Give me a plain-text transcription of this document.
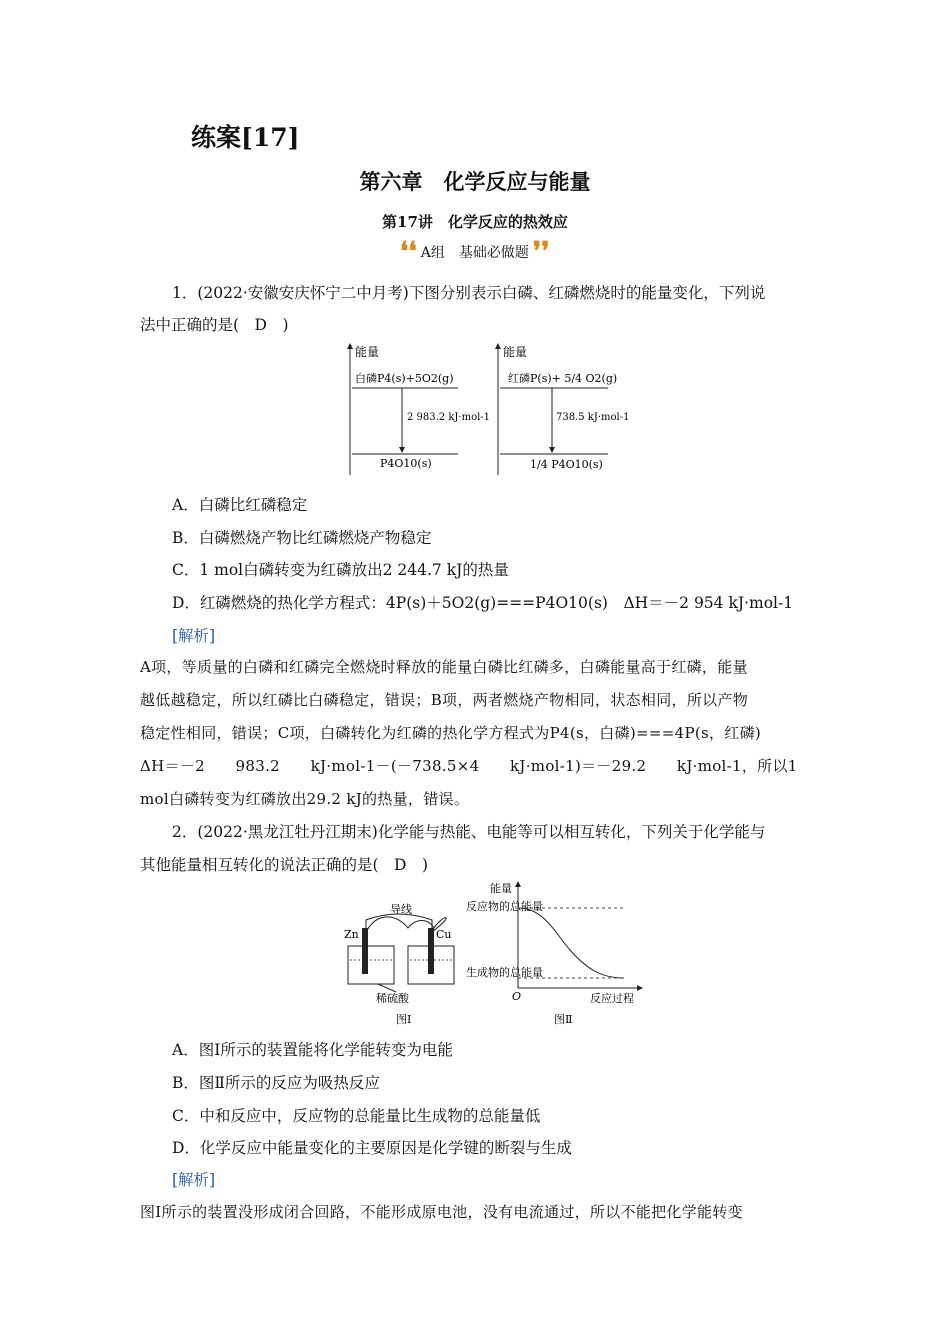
练案[17]
第六章　化学反应与能量
第17讲　化学反应的热效应
❛❛ A组　基础必做题 ❜❜
1．(2022·安徽安庆怀宁二中月考)下图分别表示白磷、红磷燃烧时的能量变化，下列说
法中正确的是(　D　)
能量
白磷P4(s)+5O2(g)
2 983.2 kJ·mol-1
P4O10(s)
能量
红磷P(s)+ 5/4 O2(g)
738.5 kJ·mol-1
1/4 P4O10(s)
A．白磷比红磷稳定
B．白磷燃烧产物比红磷燃烧产物稳定
C．1 mol白磷转变为红磷放出2 244.7 kJ的热量
D．红磷燃烧的热化学方程式：4P(s)＋5O2(g)===P4O10(s)　ΔH＝－2 954 kJ·mol-1
[解析]
A项，等质量的白磷和红磷完全燃烧时释放的能量白磷比红磷多，白磷能量高于红磷，能量
越低越稳定，所以红磷比白磷稳定，错误；B项，两者燃烧产物相同，状态相同，所以产物
稳定性相同，错误；C项，白磷转化为红磷的热化学方程式为P4(s，白磷)===4P(s，红磷)
ΔH＝－2　　983.2　　kJ·mol-1－(－738.5×4　　kJ·mol-1)＝－29.2　　kJ·mol-1，所以1
mol白磷转变为红磷放出29.2 kJ的热量，错误。
2．(2022·黑龙江牡丹江期末)化学能与热能、电能等可以相互转化，下列关于化学能与
其他能量相互转化的说法正确的是(　D　)
导线
Zn	Cu
稀硫酸
图Ⅰ
能量
反应物的总能量
生成物的总能量
O	反应过程
图Ⅱ
A．图Ⅰ所示的装置能将化学能转变为电能
B．图Ⅱ所示的反应为吸热反应
C．中和反应中，反应物的总能量比生成物的总能量低
D．化学反应中能量变化的主要原因是化学键的断裂与生成
[解析]
图Ⅰ所示的装置没形成闭合回路，不能形成原电池，没有电流通过，所以不能把化学能转变
